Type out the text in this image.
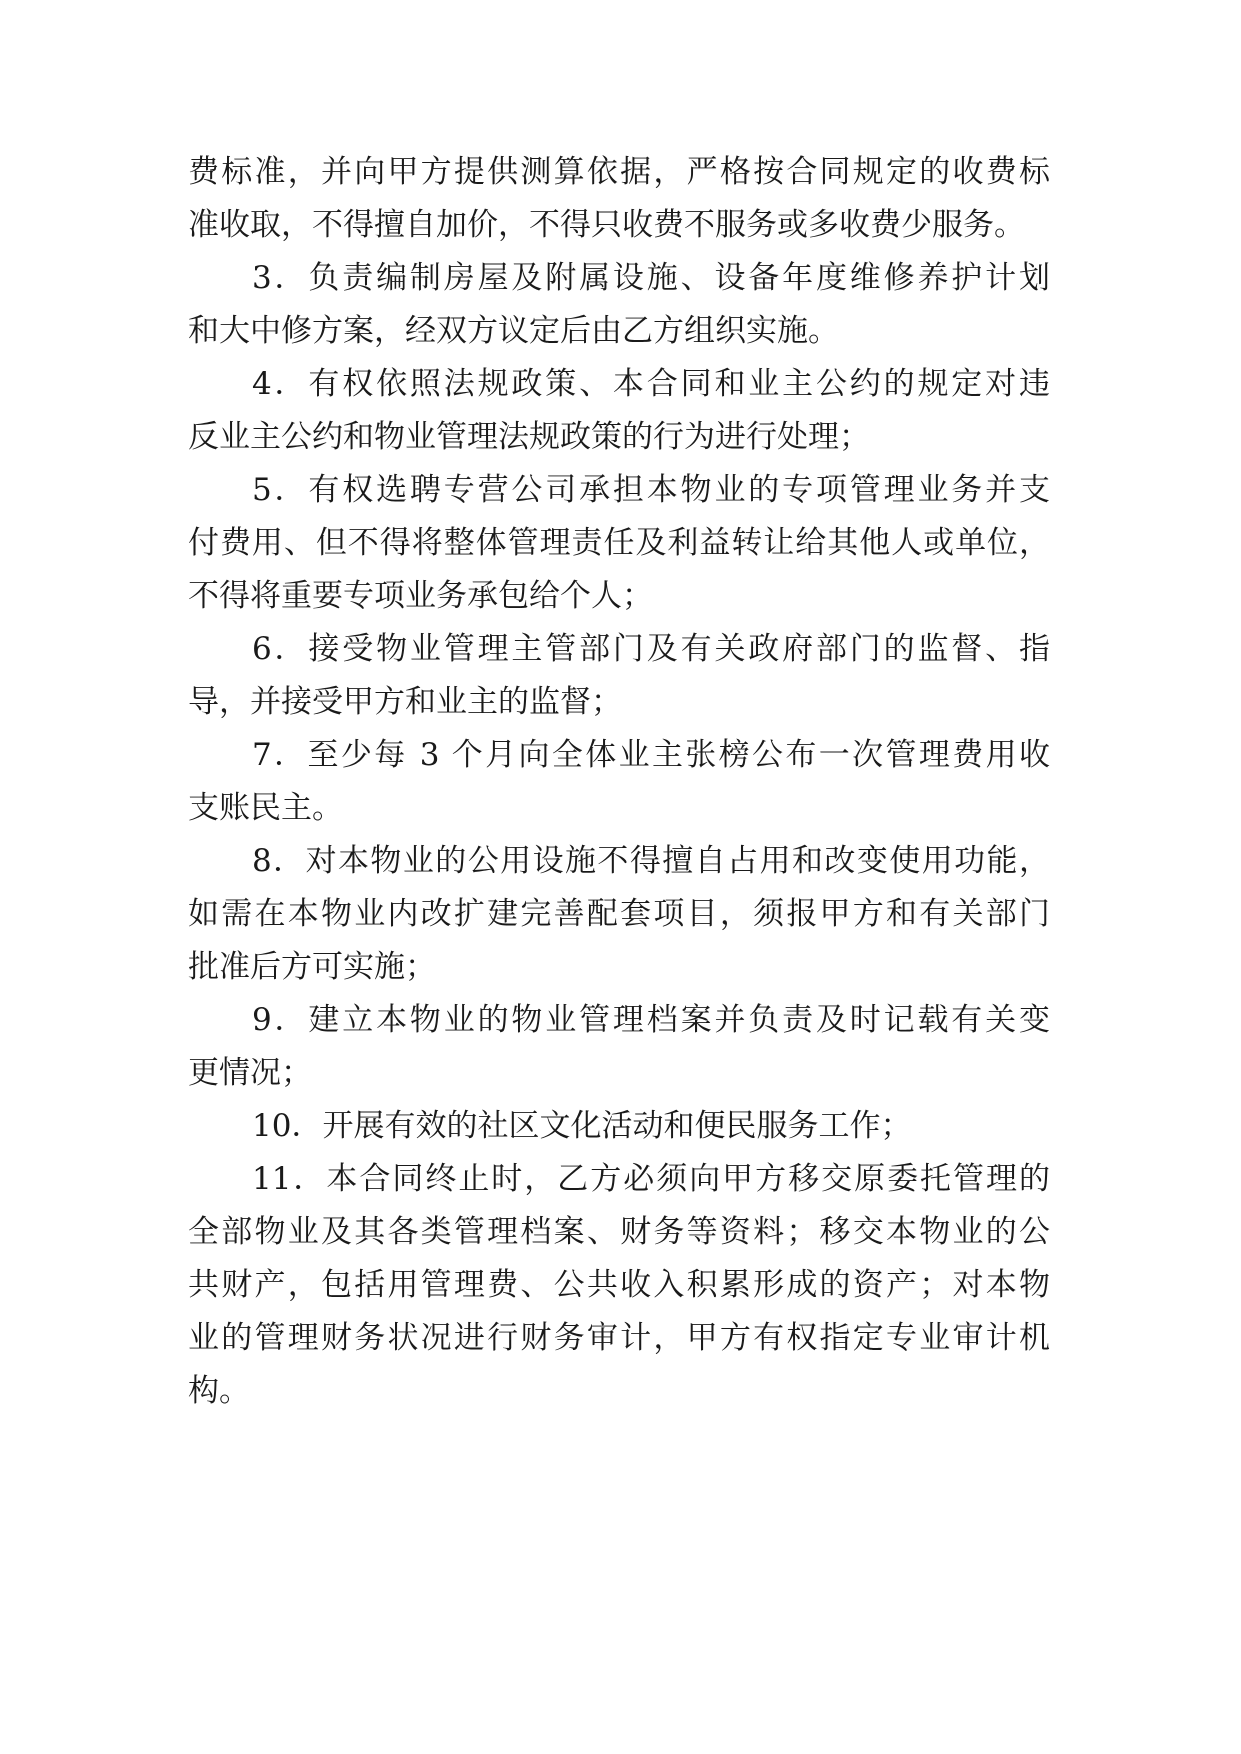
费标准，并向甲方提供测算依据，严格按合同规定的收费标
准收取，不得擅自加价，不得只收费不服务或多收费少服务。
3．负责编制房屋及附属设施、设备年度维修养护计划
和大中修方案，经双方议定后由乙方组织实施。
4．有权依照法规政策、本合同和业主公约的规定对违
反业主公约和物业管理法规政策的行为进行处理；
5．有权选聘专营公司承担本物业的专项管理业务并支
付费用、但不得将整体管理责任及利益转让给其他人或单位，
不得将重要专项业务承包给个人；
6．接受物业管理主管部门及有关政府部门的监督、指
导，并接受甲方和业主的监督；
7．至少每 3 个月向全体业主张榜公布一次管理费用收
支账民主。
8．对本物业的公用设施不得擅自占用和改变使用功能，
如需在本物业内改扩建完善配套项目，须报甲方和有关部门
批准后方可实施；
9．建立本物业的物业管理档案并负责及时记载有关变
更情况；
10．开展有效的社区文化活动和便民服务工作；
11．本合同终止时，乙方必须向甲方移交原委托管理的
全部物业及其各类管理档案、财务等资料；移交本物业的公
共财产，包括用管理费、公共收入积累形成的资产；对本物
业的管理财务状况进行财务审计，甲方有权指定专业审计机
构。
